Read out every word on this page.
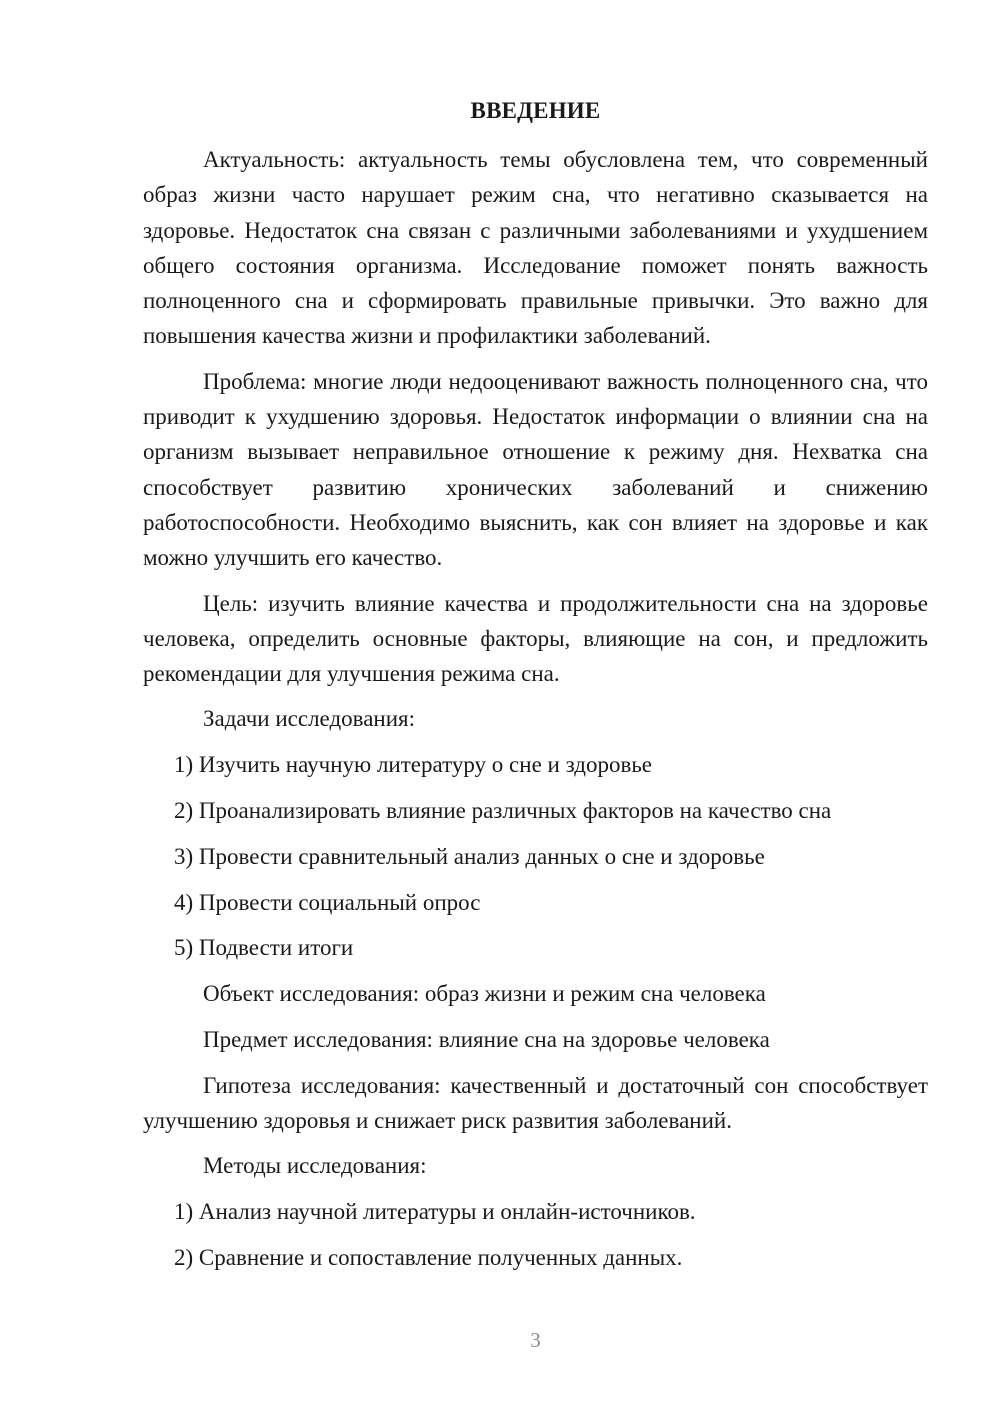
ВВЕДЕНИЕ

Актуальность: актуальность темы обусловлена тем, что современный образ жизни часто нарушает режим сна, что негативно сказывается на здоровье. Недостаток сна связан с различными заболеваниями и ухудшением общего состояния организма. Исследование поможет понять важность полноценного сна и сформировать правильные привычки. Это важно для повышения качества жизни и профилактики заболеваний.

Проблема: многие люди недооценивают важность полноценного сна, что приводит к ухудшению здоровья. Недостаток информации о влиянии сна на организм вызывает неправильное отношение к режиму дня. Нехватка сна способствует развитию хронических заболеваний и снижению работоспособности. Необходимо выяснить, как сон влияет на здоровье и как можно улучшить его качество.

Цель: изучить влияние качества и продолжительности сна на здоровье человека, определить основные факторы, влияющие на сон, и предложить рекомендации для улучшения режима сна.

Задачи исследования:

1) Изучить научную литературу о сне и здоровье
2) Проанализировать влияние различных факторов на качество сна
3) Провести сравнительный анализ данных о сне и здоровье
4) Провести социальный опрос
5) Подвести итоги

Объект исследования: образ жизни и режим сна человека

Предмет исследования: влияние сна на здоровье человека

Гипотеза исследования: качественный и достаточный сон способствует улучшению здоровья и снижает риск развития заболеваний.

Методы исследования:

1) Анализ научной литературы и онлайн-источников.
2) Сравнение и сопоставление полученных данных.
3
